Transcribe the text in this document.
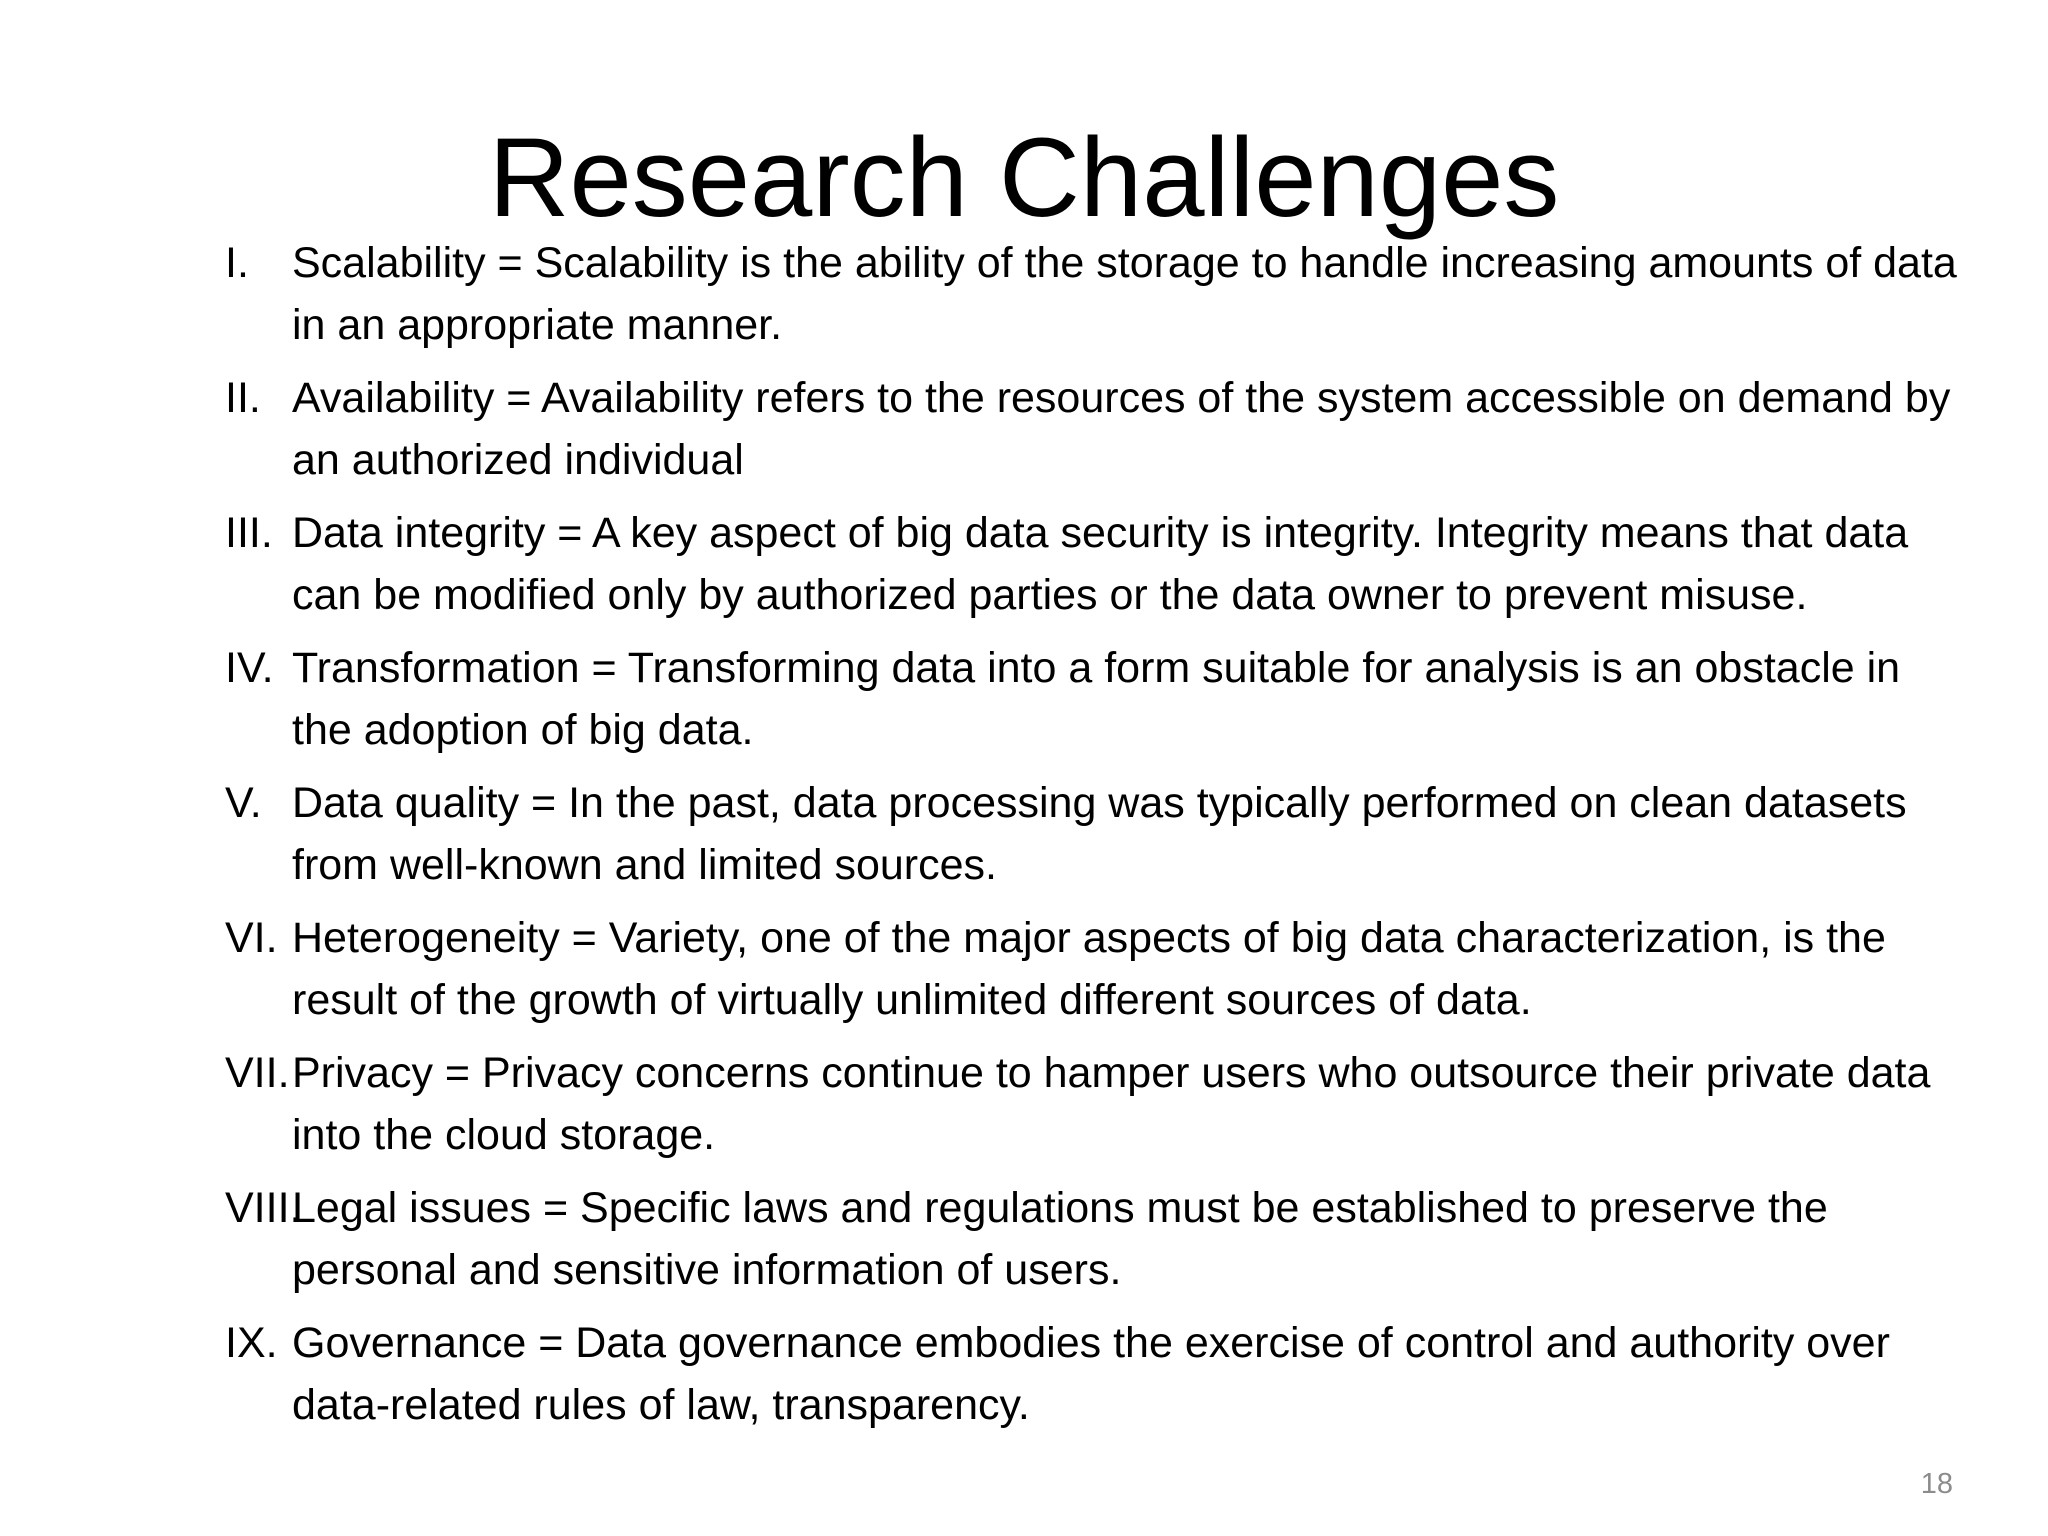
Research Challenges
I. Scalability = Scalability is the ability of the storage to handle increasing amounts of data in an appropriate manner.
II. Availability = Availability refers to the resources of the system accessible on demand by an authorized individual
III. Data integrity = A key aspect of big data security is integrity. Integrity means that data can be modified only by authorized parties or the data owner to prevent misuse.
IV. Transformation = Transforming data into a form suitable for analysis is an obstacle in the adoption of big data.
V. Data quality = In the past, data processing was typically performed on clean datasets from well-known and limited sources.
VI. Heterogeneity = Variety, one of the major aspects of big data characterization, is the result of the growth of virtually unlimited different sources of data.
VII. Privacy = Privacy concerns continue to hamper users who outsource their private data into the cloud storage.
VIII.
Legal issues = Specific laws and regulations must be established to preserve the personal and sensitive information of users.
IX. Governance = Data governance embodies the exercise of control and authority over data-related rules of law, transparency.
18
